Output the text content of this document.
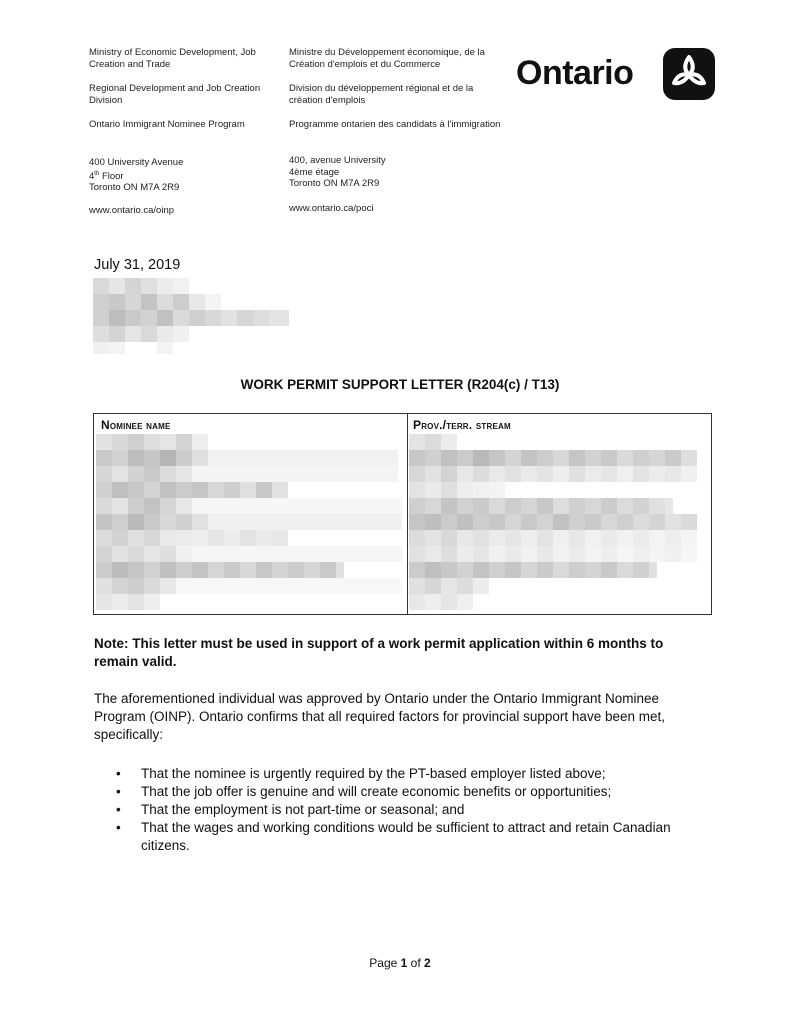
Ministry of Economic Development, Job Creation and Trade
Regional Development and Job Creation Division
Ontario Immigrant Nominee Program
400 University Avenue
4th Floor
Toronto ON M7A 2R9
www.ontario.ca/oinp
Ministre du Développement économique, de la Création d'emplois et du Commerce
Division du développement régional et de la création d'emplois
Programme ontarien des candidats à l'immigration
400, avenue University
4ème étage
Toronto ON M7A 2R9
www.ontario.ca/poci
Ontario
July 31, 2019
WORK PERMIT SUPPORT LETTER (R204(c) / T13)
Nominee name	Prov./terr. stream
Note: This letter must be used in support of a work permit application within 6 months to remain valid.
The aforementioned individual was approved by Ontario under the Ontario Immigrant Nominee Program (OINP). Ontario confirms that all required factors for provincial support have been met, specifically:
• That the nominee is urgently required by the PT-based employer listed above;
• That the job offer is genuine and will create economic benefits or opportunities;
• That the employment is not part-time or seasonal; and
• That the wages and working conditions would be sufficient to attract and retain Canadian citizens.
Page 1 of 2
